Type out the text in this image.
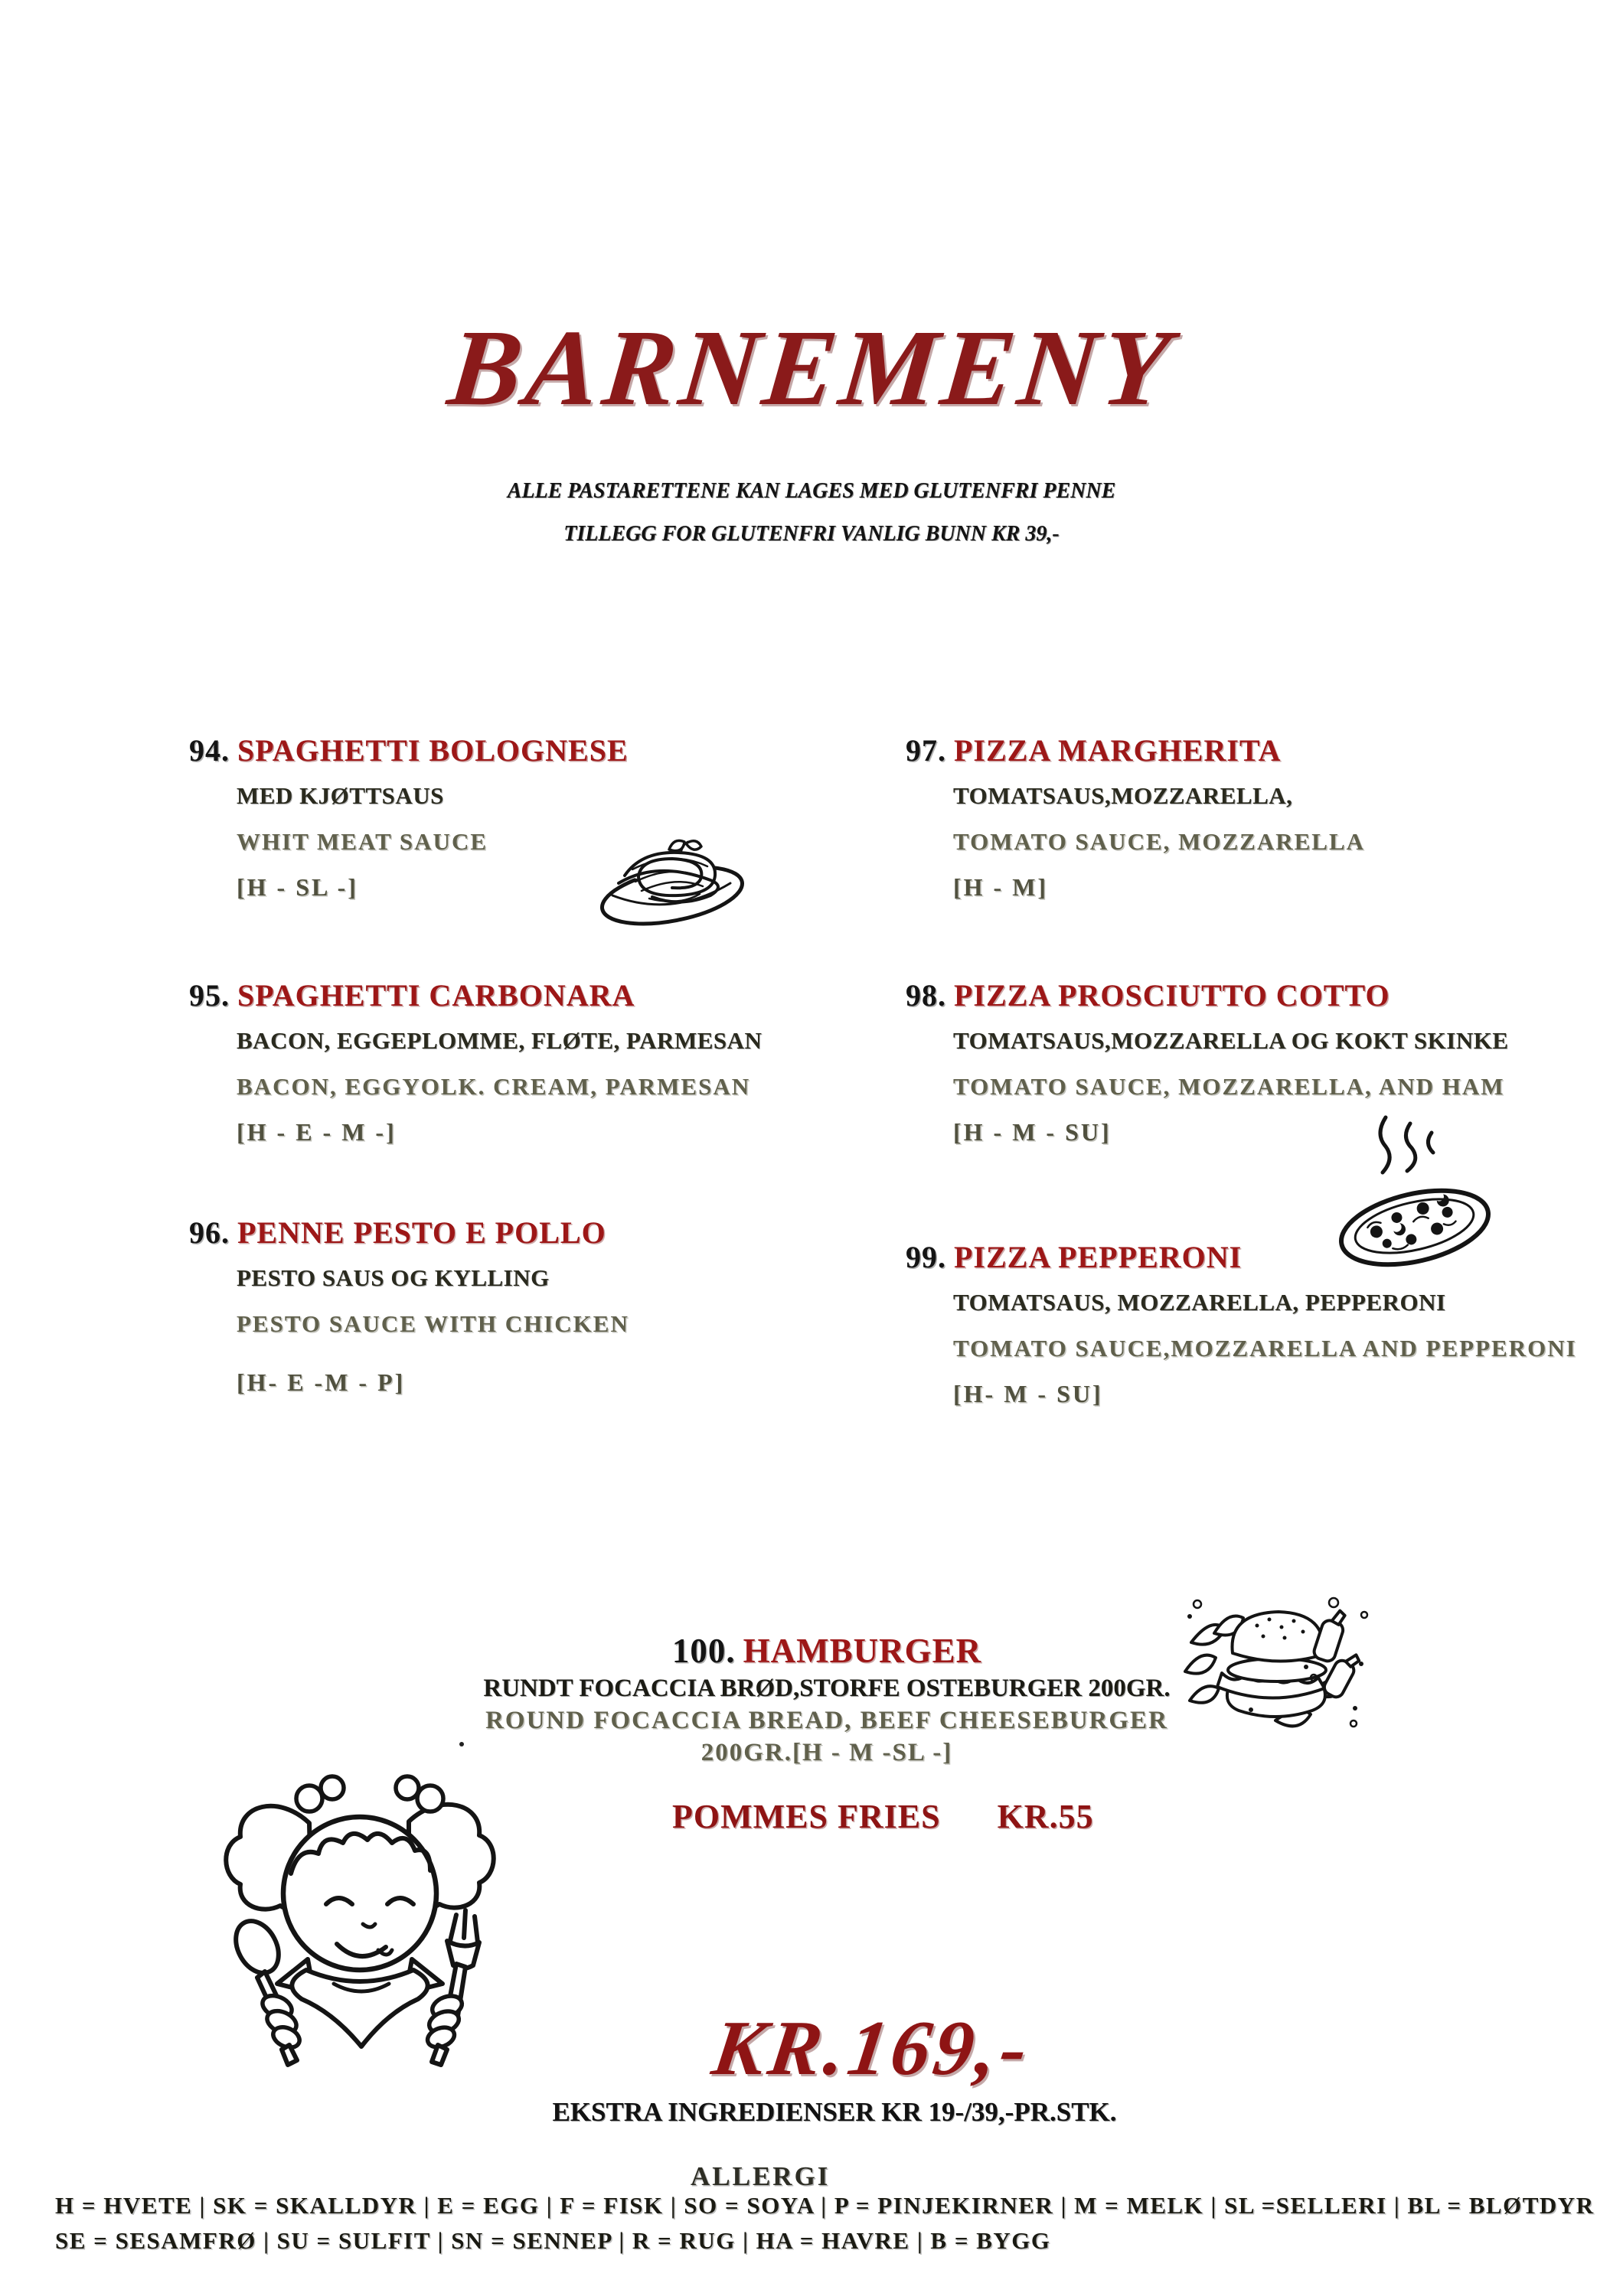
BARNEMENY
ALLE PASTARETTENE KAN LAGES MED GLUTENFRI PENNE
TILLEGG FOR GLUTENFRI VANLIG BUNN KR 39,-
94. SPAGHETTI BOLOGNESE
MED KJØTTSAUS
WHIT MEAT SAUCE
[H - SL -]
95. SPAGHETTI CARBONARA
BACON, EGGEPLOMME, FLØTE, PARMESAN
BACON, EGGYOLK. CREAM, PARMESAN
[H - E - M -]
96. PENNE PESTO E POLLO
PESTO SAUS OG KYLLING
PESTO SAUCE WITH CHICKEN
[H- E -M - P]
97. PIZZA MARGHERITA
TOMATSAUS,MOZZARELLA,
TOMATO SAUCE, MOZZARELLA
[H - M]
98. PIZZA PROSCIUTTO COTTO
TOMATSAUS,MOZZARELLA OG KOKT SKINKE
TOMATO SAUCE, MOZZARELLA, AND HAM
[H - M - SU]
99. PIZZA PEPPERONI
TOMATSAUS, MOZZARELLA, PEPPERONI
TOMATO SAUCE,MOZZARELLA AND PEPPERONI
[H- M - SU]
100. HAMBURGER
RUNDT FOCACCIA BRØD,STORFE OSTEBURGER 200GR.
ROUND FOCACCIA BREAD, BEEF CHEESEBURGER
200GR.[H - M -SL -]
POMMES FRIES KR.55
KR.169,-
EKSTRA INGREDIENSER KR 19-/39,-PR.STK.
ALLERGI
H = HVETE | SK = SKALLDYR | E = EGG | F = FISK | SO = SOYA | P = PINJEKIRNER | M = MELK | SL =SELLERI | BL = BLØTDYR
SE = SESAMFRØ | SU = SULFIT | SN = SENNEP | R = RUG | HA = HAVRE | B = BYGG
